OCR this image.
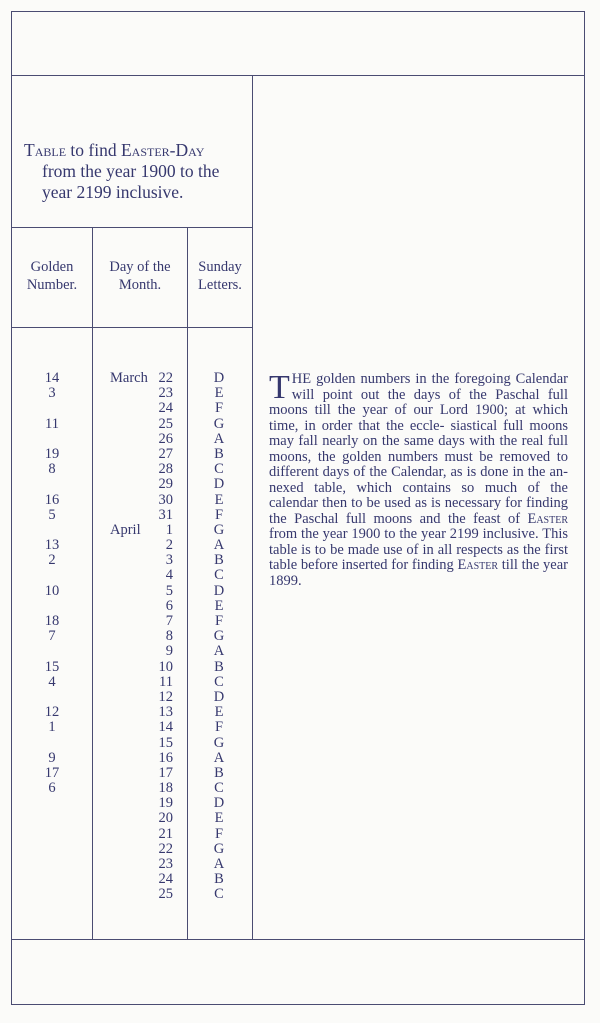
Table to find Easter-Day
from the year 1900 to the
year 2199 inclusive.
Golden
Number.
Day of the
Month.
Sunday
Letters.
14
3
11
19
8
16
5
13
2
10
18
7
15
4
12
1
9
17
6
March 22
23
24
25
26
27
28
29
30
31
April 1
2
3
4
5
6
7
8
9
10
11
12
13
14
15
16
17
18
19
20
21
22
23
24
25
D
E
F
G
A
B
C
D
E
F
G
A
B
C
D
E
F
G
A
B
C
D
E
F
G
A
B
C
D
E
F
G
A
B
C
THE golden numbers in the foregoing Calendar will point out the days of the Paschal full moons till the year of our Lord 1900; at which time, in order that the eccle- siastical full moons may fall nearly on the same days with the real full moons, the golden numbers must be removed to different days of the Calendar, as is done in the an- nexed table, which contains so much of the calendar then to be used as is necessary for finding the Paschal full moons and the feast of Easter from the year 1900 to the year 2199 inclusive. This table is to be made use of in all respects as the first table before inserted for finding Easter till the year 1899.
